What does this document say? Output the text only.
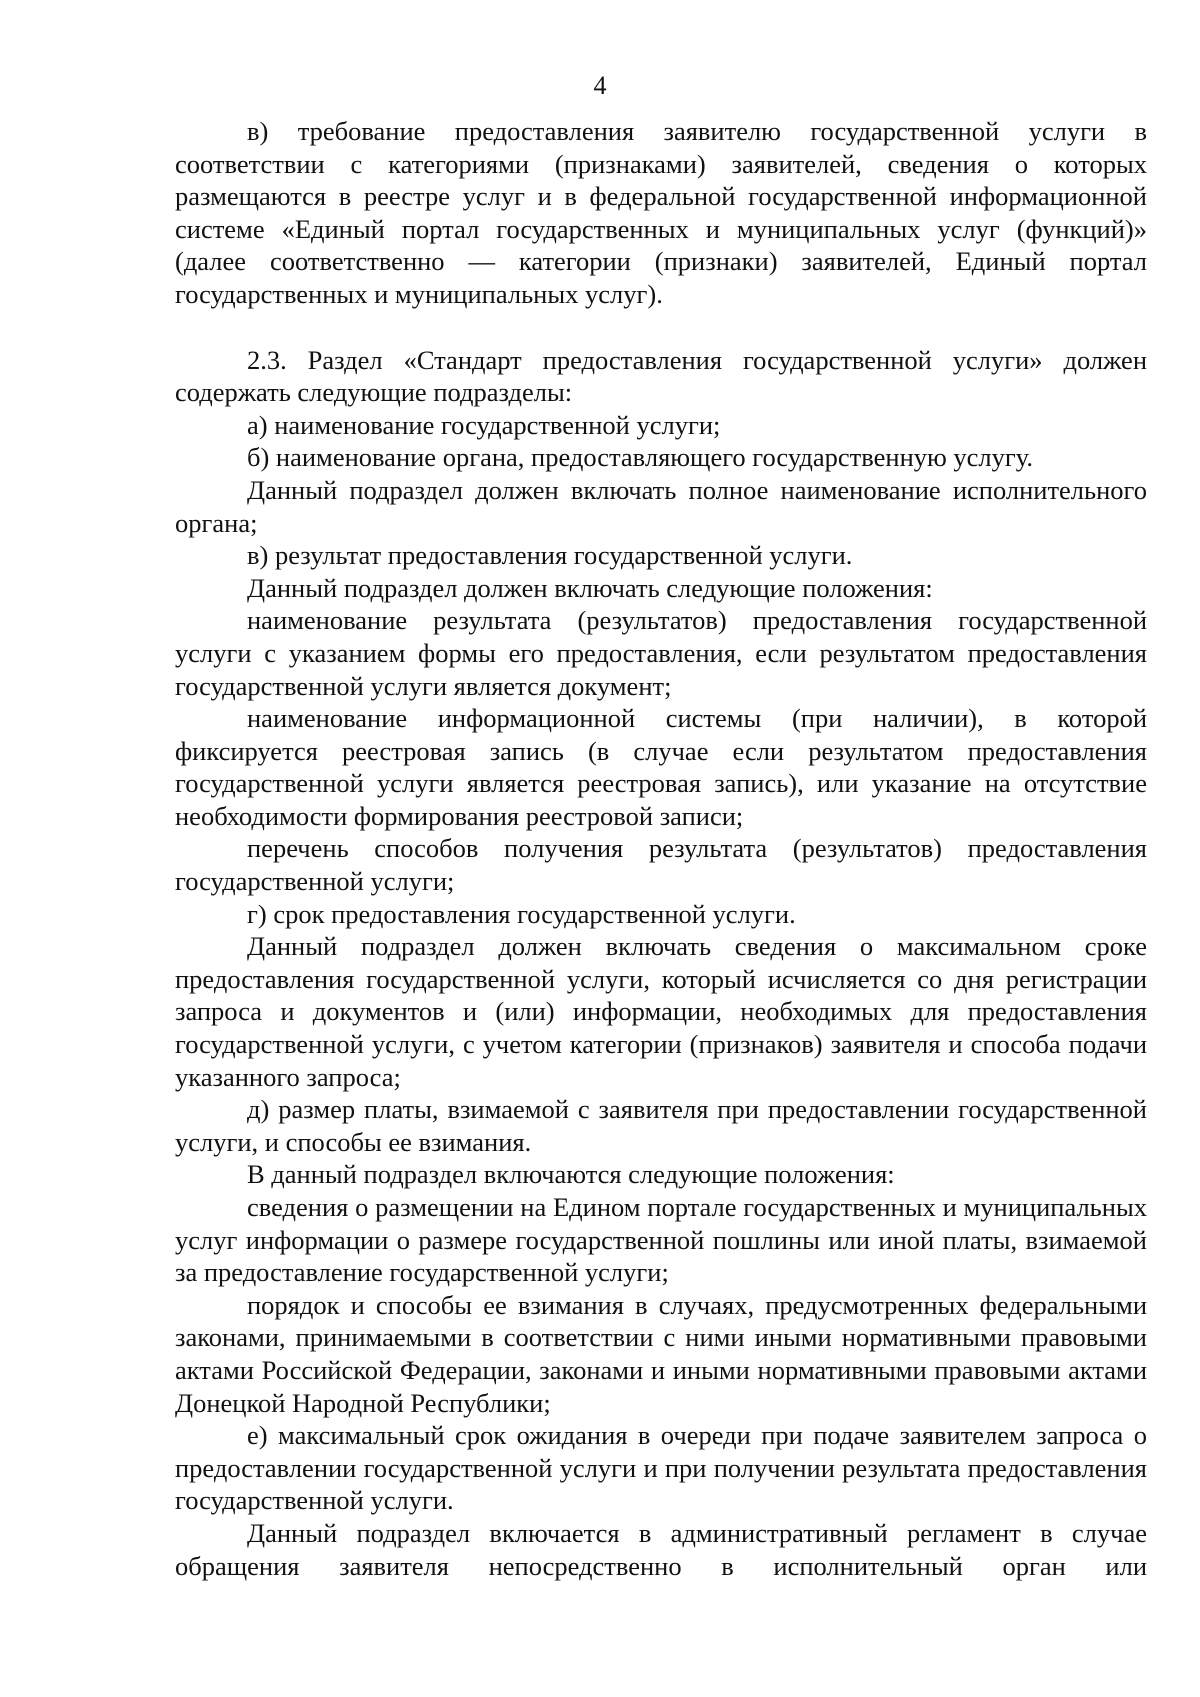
4

в) требование предоставления заявителю государственной услуги в соответствии с категориями (признаками) заявителей, сведения о которых размещаются в реестре услуг и в федеральной государственной информационной системе «Единый портал государственных и муниципальных услуг (функций)» (далее соответственно — категории (признаки) заявителей, Единый портал государственных и муниципальных услуг).

2.3. Раздел «Стандарт предоставления государственной услуги» должен содержать следующие подразделы:

а) наименование государственной услуги;

б) наименование органа, предоставляющего государственную услугу.

Данный подраздел должен включать полное наименование исполнительного органа;

в) результат предоставления государственной услуги.

Данный подраздел должен включать следующие положения:

наименование результата (результатов) предоставления государственной услуги с указанием формы его предоставления, если результатом предоставления государственной услуги является документ;

наименование информационной системы (при наличии), в которой фиксируется реестровая запись (в случае если результатом предоставления государственной услуги является реестровая запись), или указание на отсутствие необходимости формирования реестровой записи;

перечень способов получения результата (результатов) предоставления государственной услуги;

г) срок предоставления государственной услуги.

Данный подраздел должен включать сведения о максимальном сроке предоставления государственной услуги, который исчисляется со дня регистрации запроса и документов и (или) информации, необходимых для предоставления государственной услуги, с учетом категории (признаков) заявителя и способа подачи указанного запроса;

д) размер платы, взимаемой с заявителя при предоставлении государственной услуги, и способы ее взимания.

В данный подраздел включаются следующие положения:

сведения о размещении на Едином портале государственных и муниципальных услуг информации о размере государственной пошлины или иной платы, взимаемой за предоставление государственной услуги;

порядок и способы ее взимания в случаях, предусмотренных федеральными законами, принимаемыми в соответствии с ними иными нормативными правовыми актами Российской Федерации, законами и иными нормативными правовыми актами Донецкой Народной Республики;

е) максимальный срок ожидания в очереди при подаче заявителем запроса о предоставлении государственной услуги и при получении результата предоставления государственной услуги.

Данный подраздел включается в административный регламент в случае обращения заявителя непосредственно в исполнительный орган или
